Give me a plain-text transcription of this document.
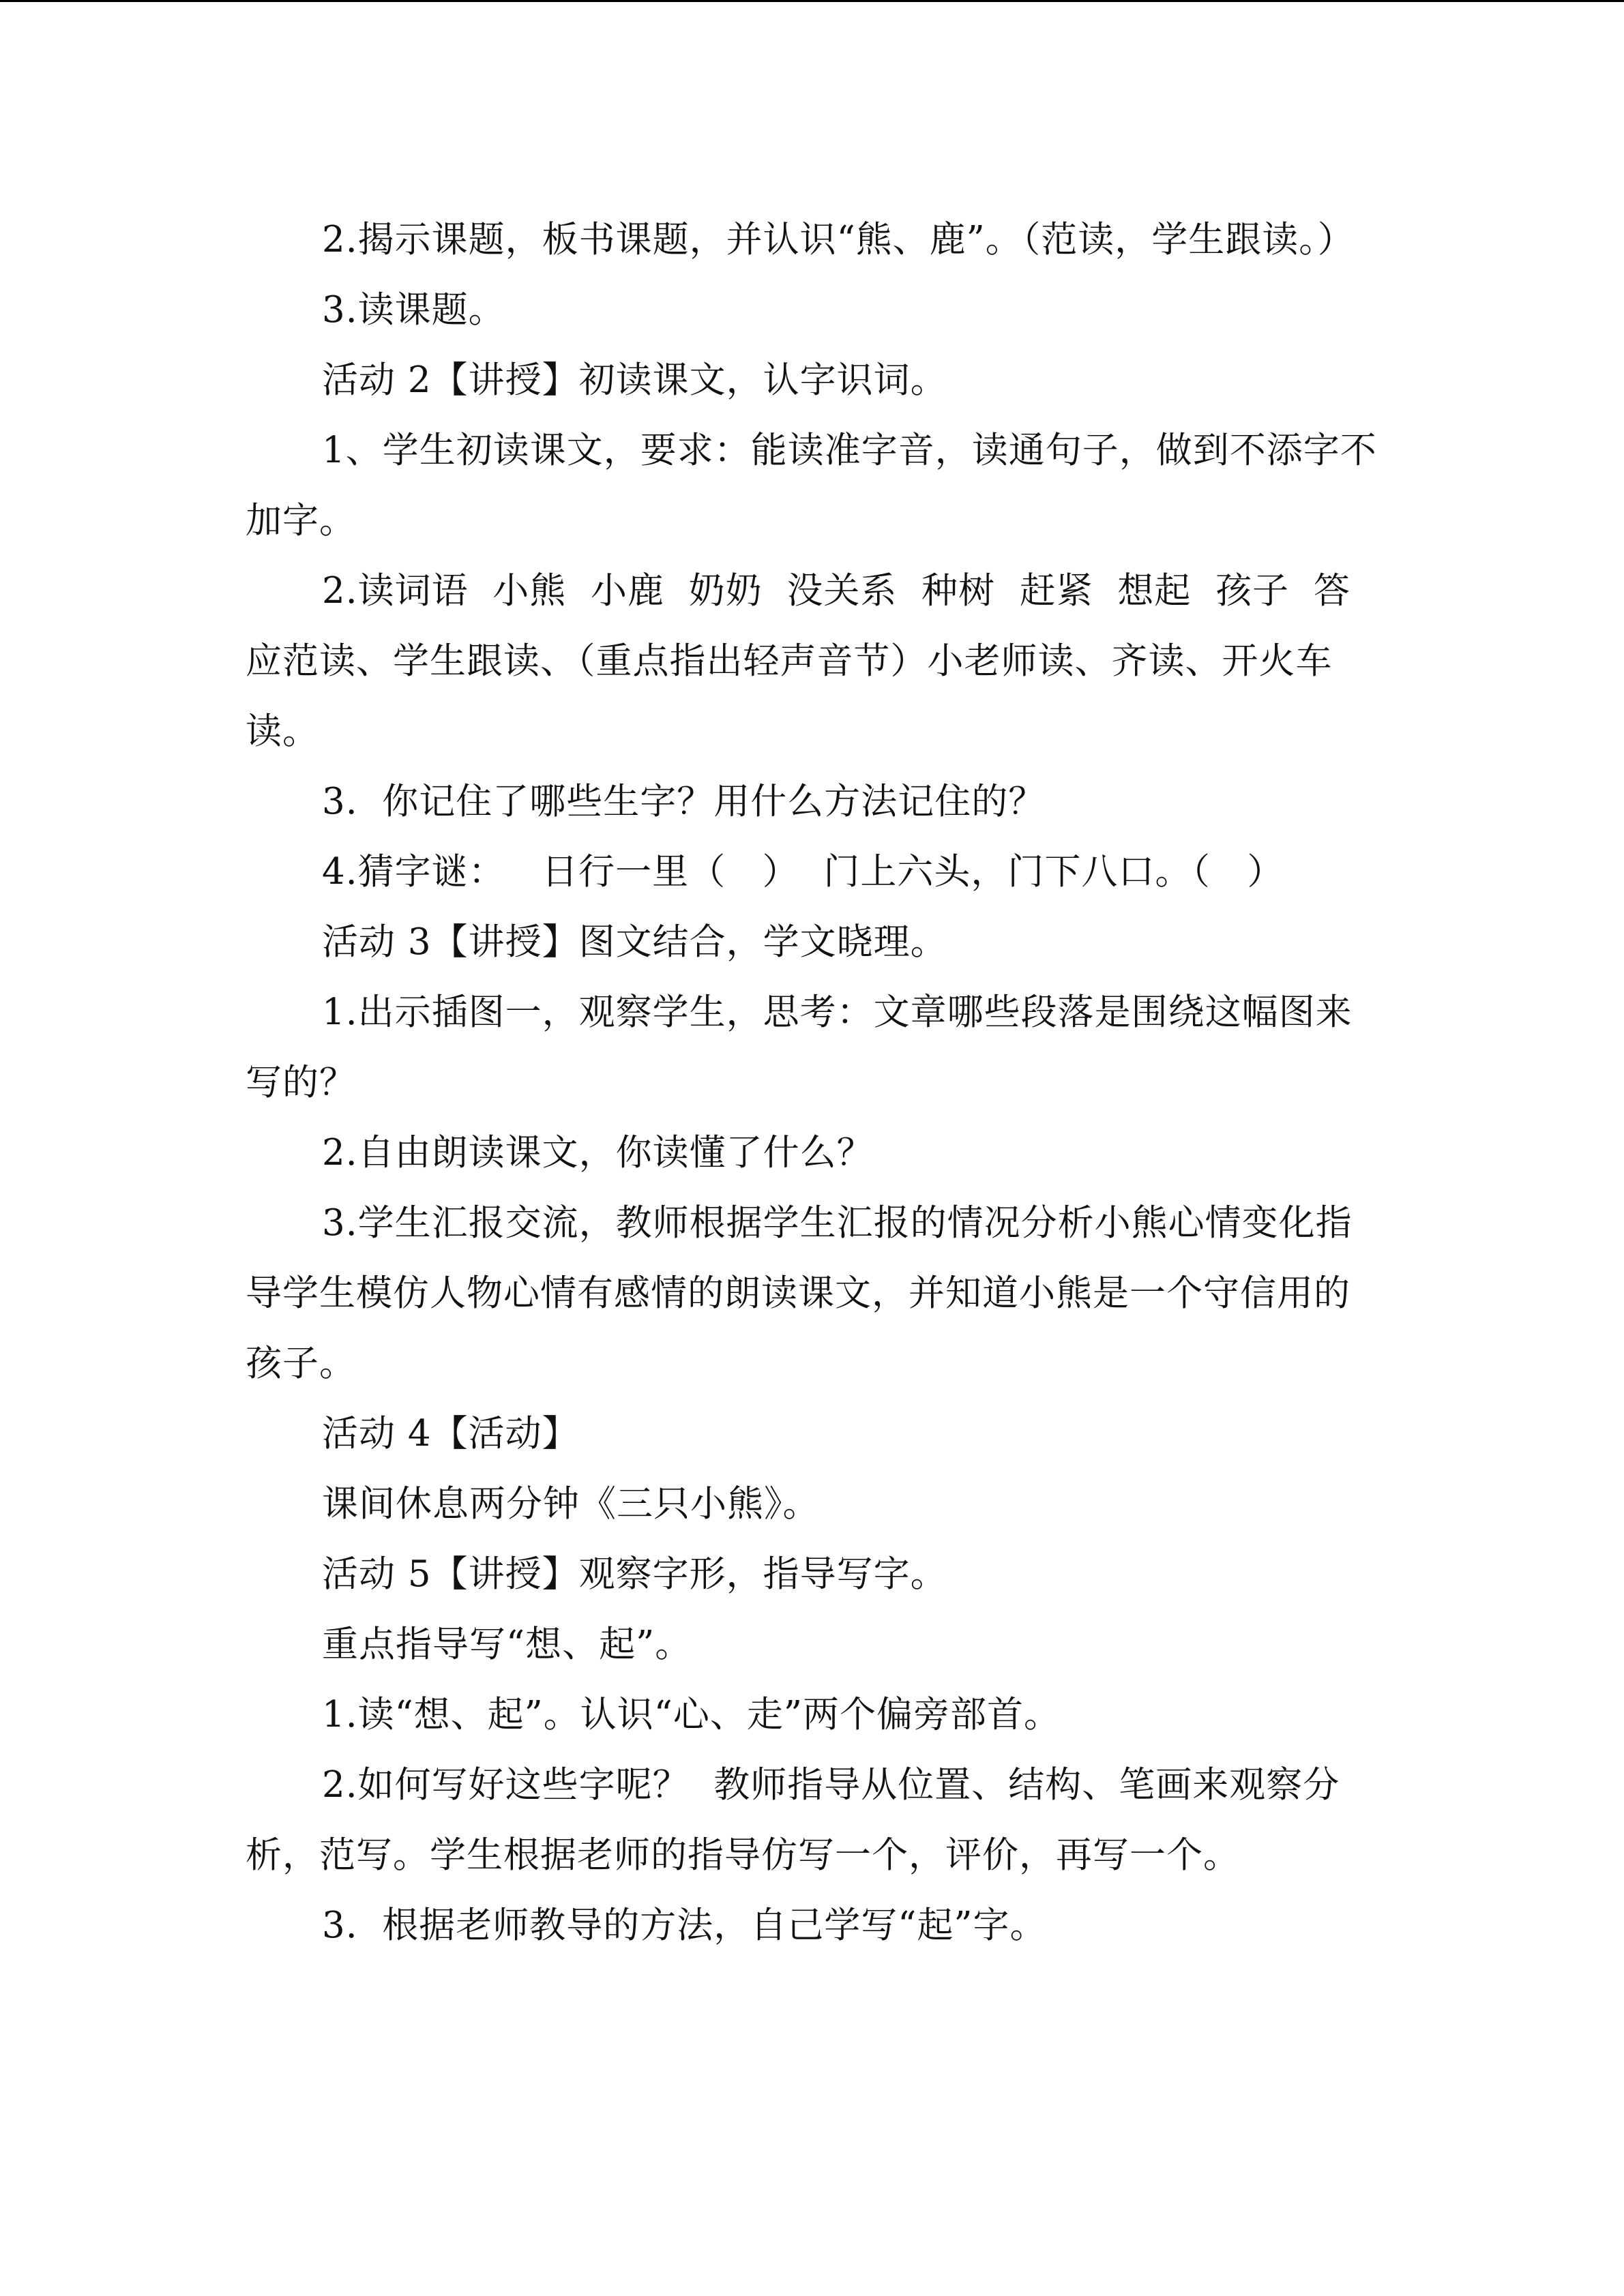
2.揭示课题，板书课题，并认识“熊、鹿”。（范读，学生跟读。）

3.读课题。

活动 2【讲授】初读课文，认字识词。

1、学生初读课文，要求：能读准字音，读通句子，做到不添字不加字。

2.读词语  小熊  小鹿  奶奶  没关系  种树  赶紧  想起  孩子  答应范读、学生跟读、（重点指出轻声音节）小老师读、齐读、开火车读。

3.  你记住了哪些生字？用什么方法记住的？

4.猜字谜：   日行一里（   ）  门上六头，门下八口。（   ）

活动 3【讲授】图文结合，学文晓理。

1.出示插图一，观察学生，思考：文章哪些段落是围绕这幅图来写的？

2.自由朗读课文，你读懂了什么？

3.学生汇报交流，教师根据学生汇报的情况分析小熊心情变化指导学生模仿人物心情有感情的朗读课文，并知道小熊是一个守信用的孩子。

活动 4【活动】

课间休息两分钟《三只小熊》。

活动 5【讲授】观察字形，指导写字。

重点指导写“想、起”。

1.读“想、起”。认识“心、走”两个偏旁部首。

2.如何写好这些字呢？  教师指导从位置、结构、笔画来观察分析，范写。学生根据老师的指导仿写一个，评价，再写一个。

3.  根据老师教导的方法，自己学写“起”字。
